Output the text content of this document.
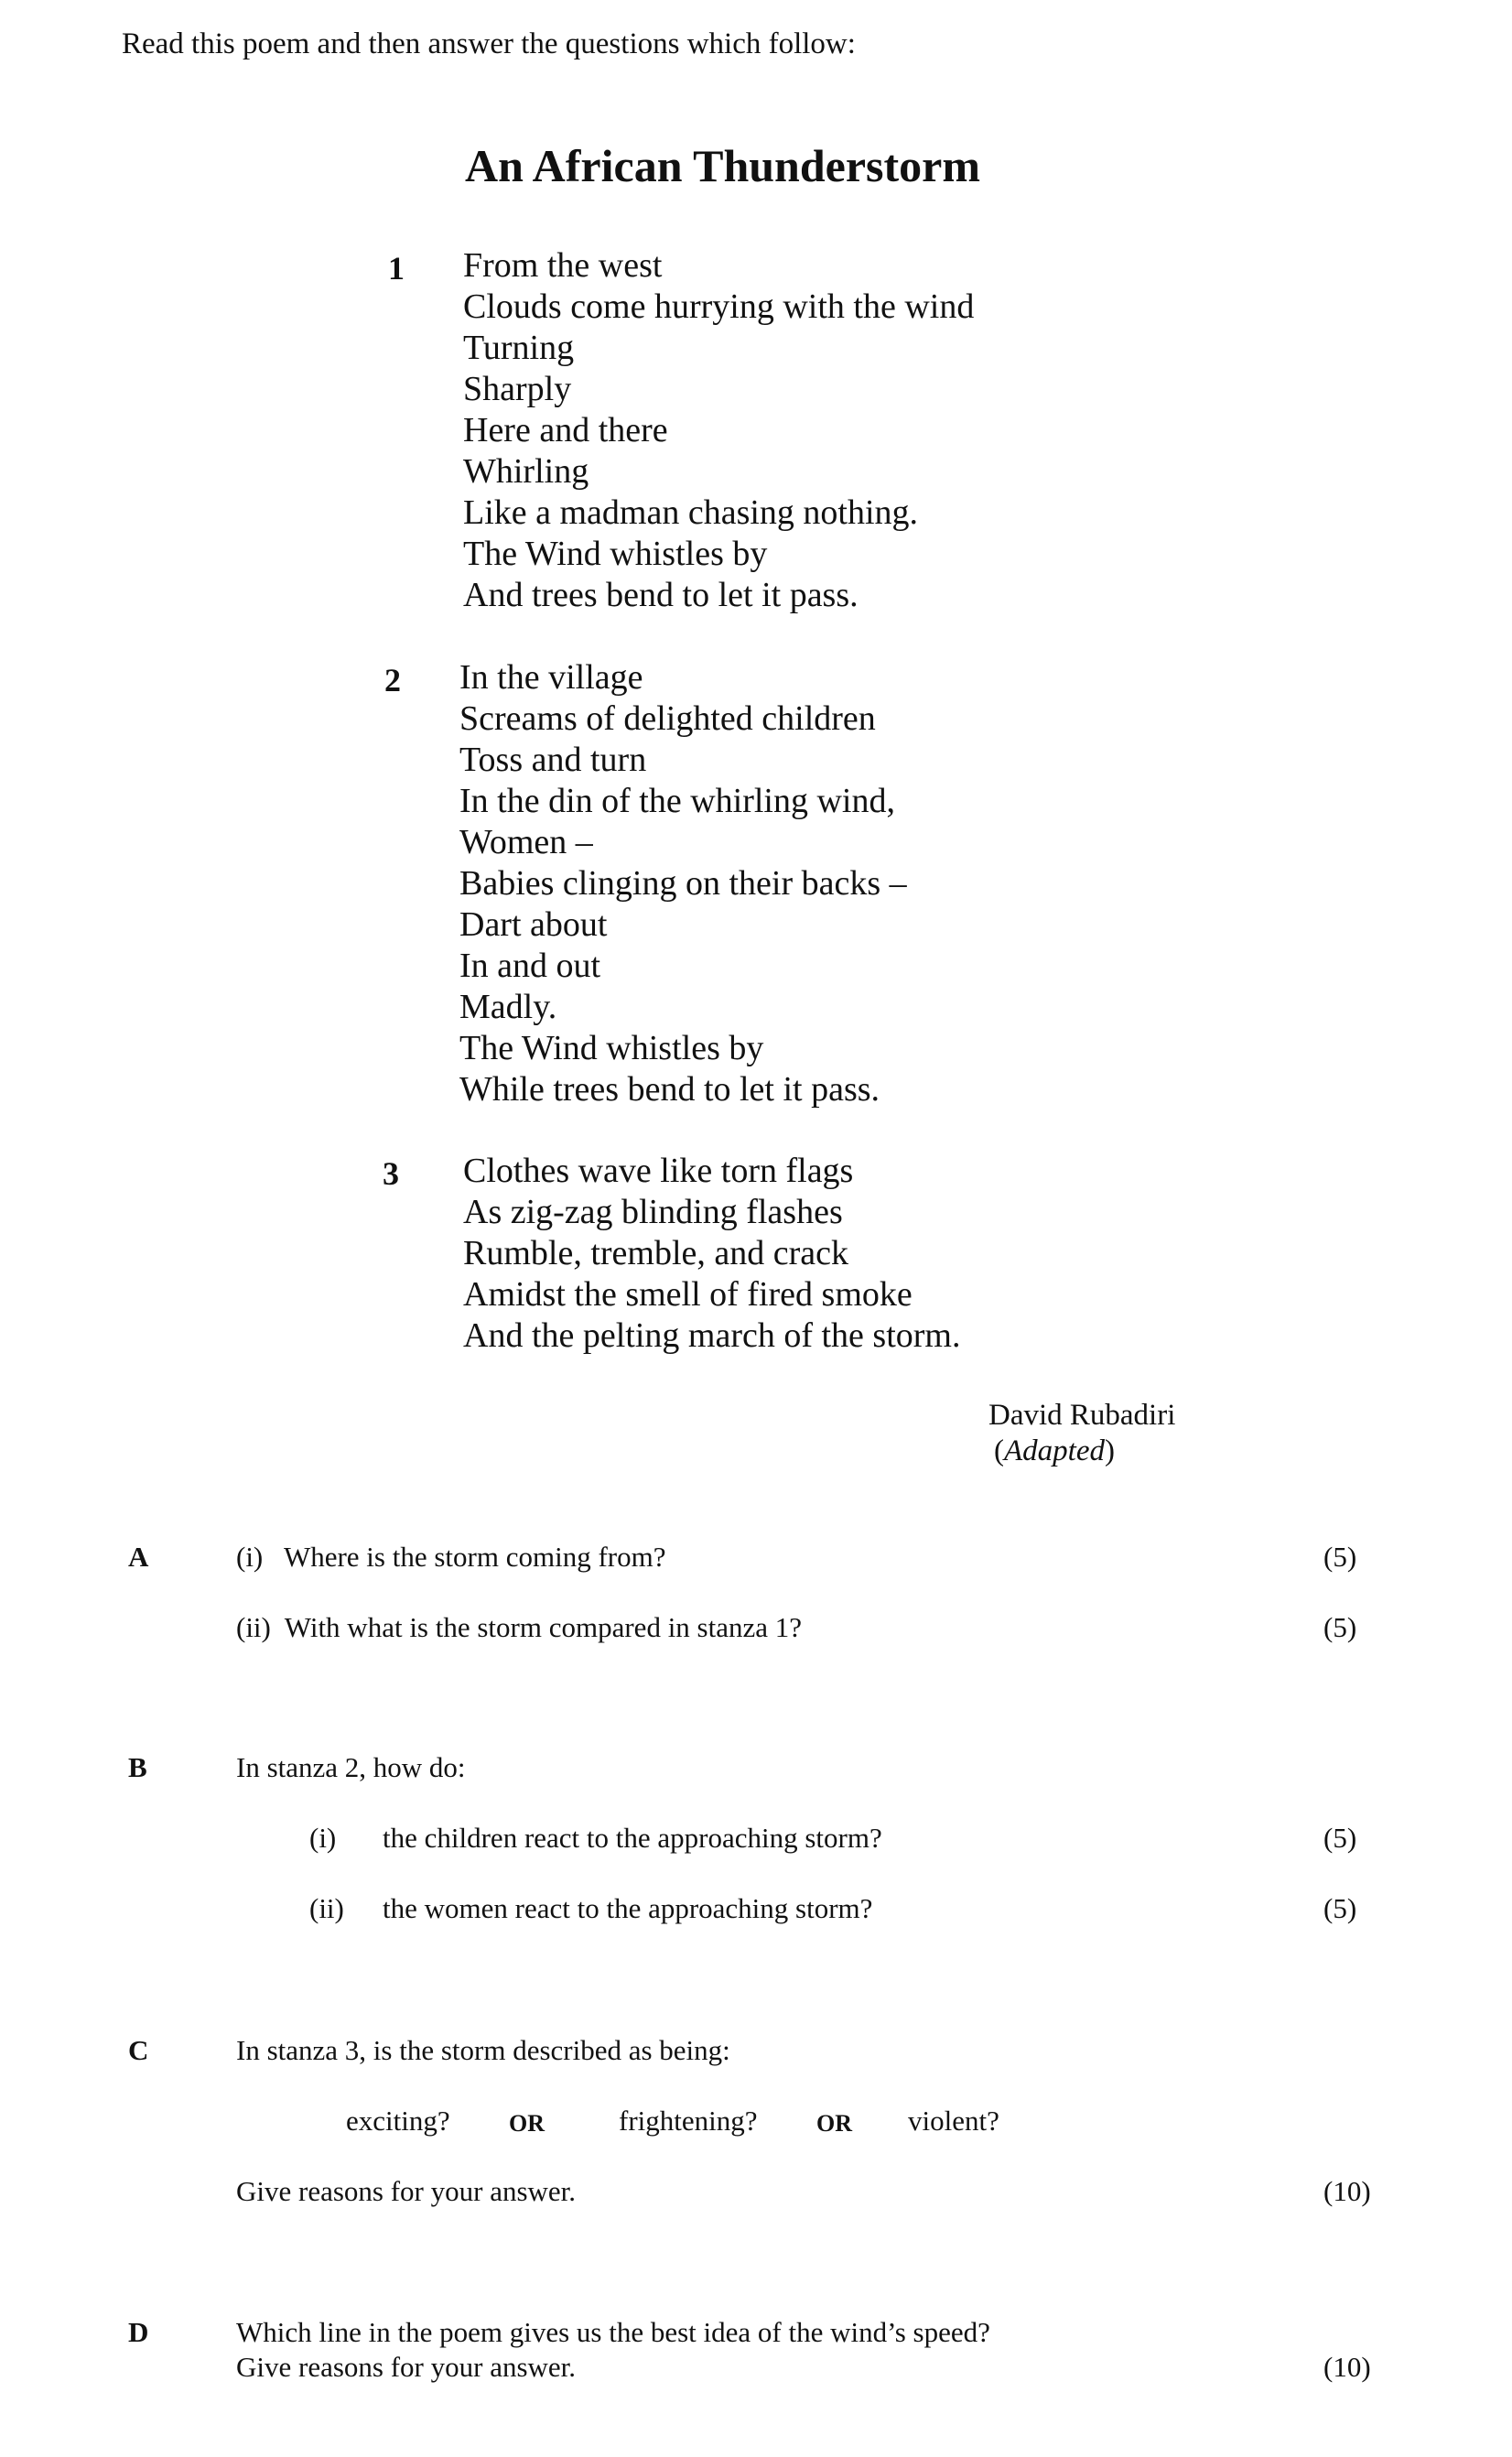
Read this poem and then answer the questions which follow:
An African Thunderstorm
1 From the west
Clouds come hurrying with the wind
Turning
Sharply
Here and there
Whirling
Like a madman chasing nothing.
The Wind whistles by
And trees bend to let it pass.
2 In the village
Screams of delighted children
Toss and turn
In the din of the whirling wind,
Women –
Babies clinging on their backs –
Dart about
In and out
Madly.
The Wind whistles by
While trees bend to let it pass.
3 Clothes wave like torn flags
As zig-zag blinding flashes
Rumble, tremble, and crack
Amidst the smell of fired smoke
And the pelting march of the storm.
David Rubadiri
(Adapted)
A	(i)   Where is the storm coming from?	(5)
(ii)  With what is the storm compared in stanza 1?	(5)
B	In stanza 2, how do:
(i) the children react to the approaching storm?	(5)
(ii) the women react to the approaching storm?	(5)
C	In stanza 3, is the storm described as being:
exciting? OR	frightening? OR violent?
Give reasons for your answer.	(10)
D	Which line in the poem gives us the best idea of the wind’s speed?
Give reasons for your answer.	(10)
